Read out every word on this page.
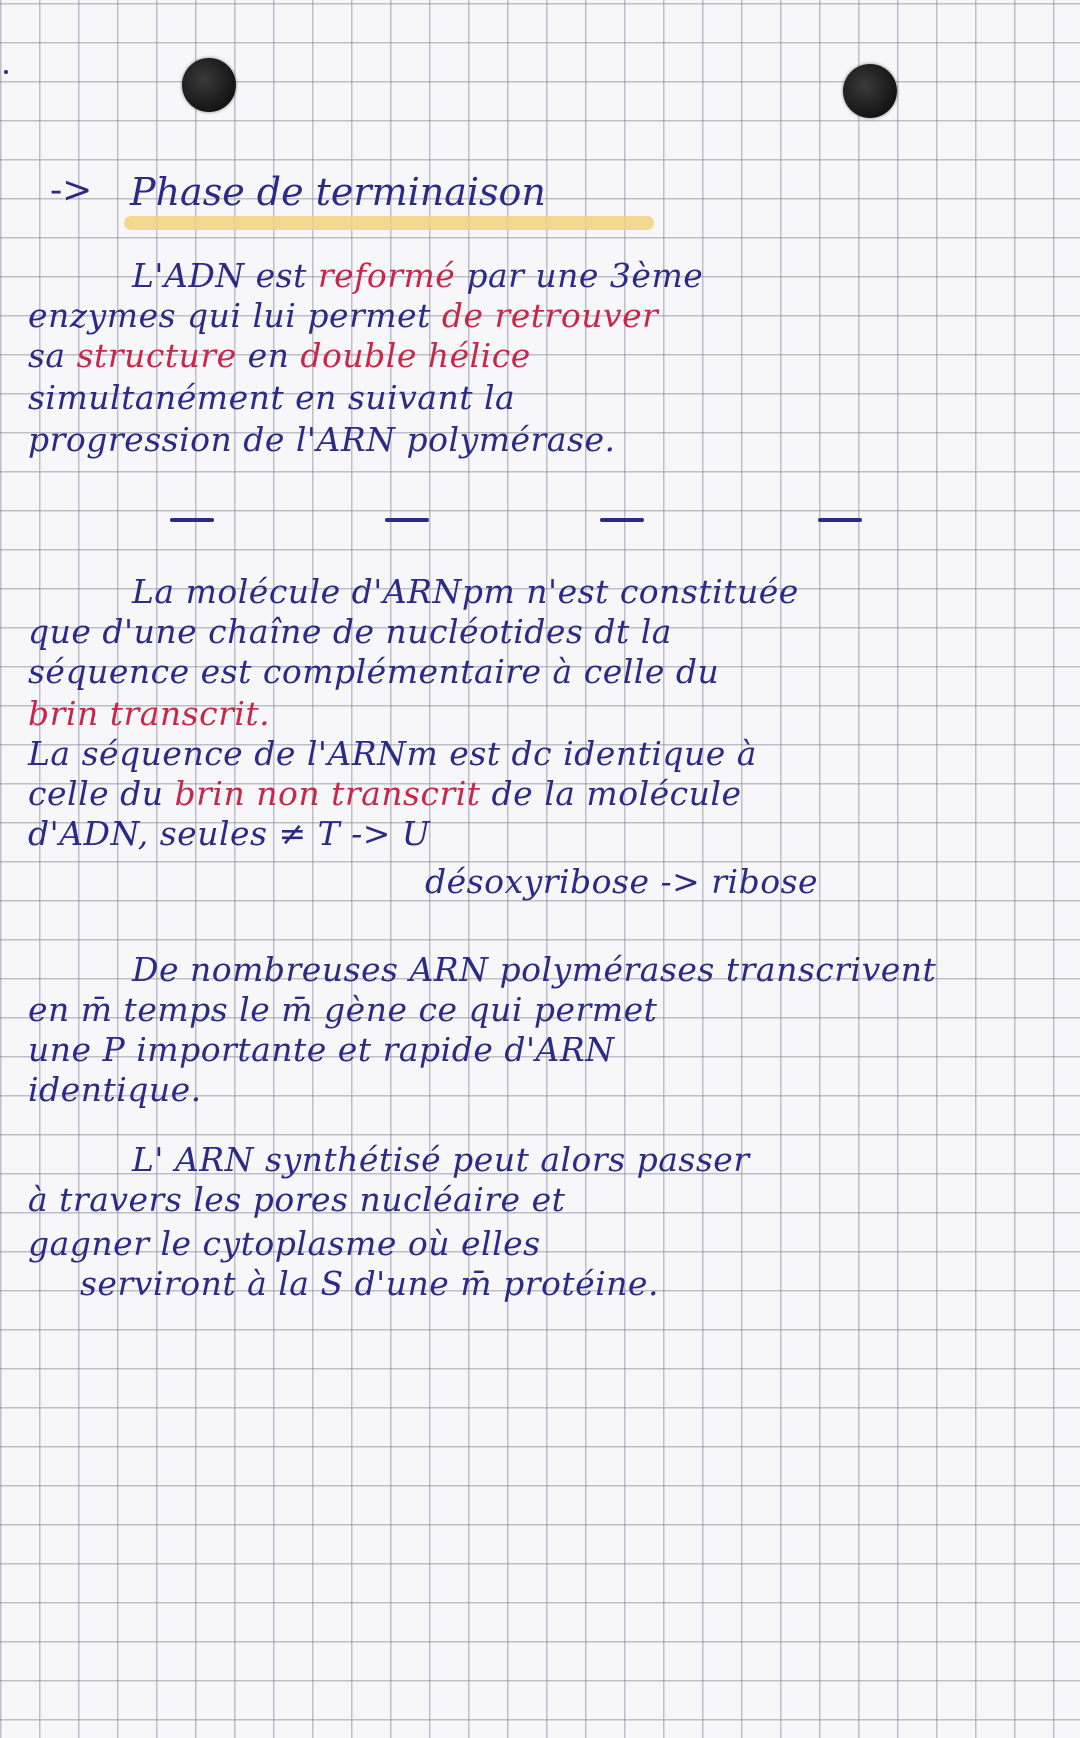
-> Phase de terminaison
L'ADN est reformé par une 3ème
enzymes qui lui permet de retrouver
sa structure en double hélice
simultanément en suivant la
progression de l'ARN polymérase.
La molécule d'ARNpm n'est constituée
que d'une chaîne de nucléotides dt la
séquence est complémentaire à celle du
brin transcrit.
La séquence de l'ARNm est dc identique à
celle du brin non transcrit de la molécule
d'ADN, seules ≠ T -> U
désoxyribose -> ribose
De nombreuses ARN polymérases transcrivent
en m̄ temps le m̄ gène ce qui permet
une P importante et rapide d'ARN
identique.
L' ARN synthétisé peut alors passer
à travers les pores nucléaire et
gagner le cytoplasme où elles
serviront à la S d'une m̄ protéine.
